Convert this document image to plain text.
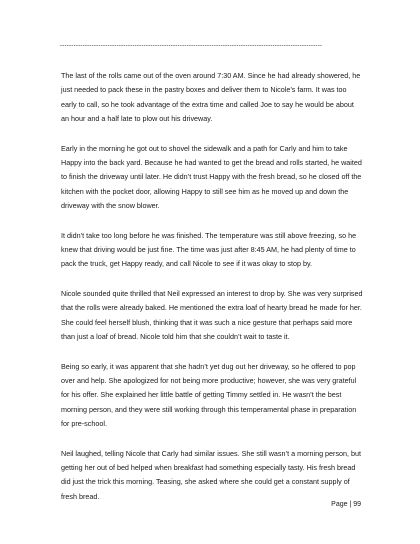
--------------------------------------------------------------------------------------------------------------------

The last of the rolls came out of the oven around 7:30 AM. Since he had already showered, he just needed to pack these in the pastry boxes and deliver them to Nicole’s farm. It was too early to call, so he took advantage of the extra time and called Joe to say he would be about an hour and a half late to plow out his driveway.

Early in the morning he got out to shovel the sidewalk and a path for Carly and him to take Happy into the back yard. Because he had wanted to get the bread and rolls started, he waited to finish the driveway until later. He didn’t trust Happy with the fresh bread, so he closed off the kitchen with the pocket door, allowing Happy to still see him as he moved up and down the driveway with the snow blower.

It didn’t take too long before he was finished. The temperature was still above freezing, so he knew that driving would be just fine. The time was just after 8:45 AM, he had plenty of time to pack the truck, get Happy ready, and call Nicole to see if it was okay to stop by.

Nicole sounded quite thrilled that Neil expressed an interest to drop by. She was very surprised that the rolls were already baked. He mentioned the extra loaf of hearty bread he made for her. She could feel herself blush, thinking that it was such a nice gesture that perhaps said more than just a loaf of bread. Nicole told him that she couldn’t wait to taste it.

Being so early, it was apparent that she hadn’t yet dug out her driveway, so he offered to pop over and help. She apologized for not being more productive; however, she was very grateful for his offer. She explained her little battle of getting Timmy settled in. He wasn’t the best morning person, and they were still working through this temperamental phase in preparation for pre-school.

Neil laughed, telling Nicole that Carly had similar issues. She still wasn’t a morning person, but getting her out of bed helped when breakfast had something especially tasty. His fresh bread did just the trick this morning. Teasing, she asked where she could get a constant supply of fresh bread.

Page | 99
